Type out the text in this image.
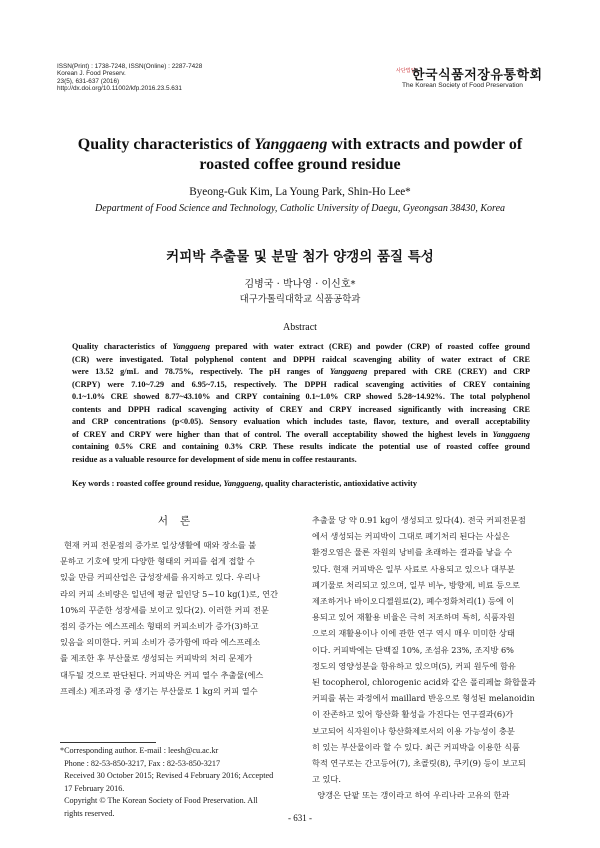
ISSN(Print) : 1738-7248, ISSN(Online) : 2287-7428
Korean J. Food Preserv.
23(5), 631-637 (2016)
http://dx.doi.org/10.11002/kfp.2016.23.5.631
사단법인
한국식품저장유통학회
The Korean Society of Food Preservation
Quality characteristics of Yanggaeng with extracts and powder of
roasted coffee ground residue
Byeong-Guk Kim, La Young Park, Shin-Ho Lee*
Department of Food Science and Technology, Catholic University of Daegu, Gyeongsan 38430, Korea
커피박 추출물 및 분말 첨가 양갱의 품질 특성
김병국 · 박나영 · 이신호*
대구가톨릭대학교 식품공학과
Abstract
Quality characteristics of Yanggaeng prepared with water extract (CRE) and powder (CRP) of roasted coffee ground
(CR) were investigated. Total polyphenol content and DPPH raidcal scavenging ability of water extract of CRE
were 13.52 g/mL and 78.75%, respectively. The pH ranges of Yanggaeng prepared with CRE (CREY) and CRP
(CRPY) were 7.10~7.29 and 6.95~7.15, respectively. The DPPH radical scavenging activities of CREY containing
0.1~1.0% CRE showed 8.77~43.10% and CRPY containing 0.1~1.0% CRP showed 5.28~14.92%. The total polyphenol
contents and DPPH radical scavenging activity of CREY and CRPY increased significantly with increasing CRE
and CRP concentrations (p<0.05). Sensory evaluation which includes taste, flavor, texture, and overall acceptability
of CREY and CRPY were higher than that of control. The overall acceptability showed the highest levels in Yanggaeng
containing 0.5% CRE and containing 0.3% CRP. These results indicate the potential use of roasted coffee ground
residue as a valuable resource for development of side menu in coffee restaurants.
Key words : roasted coffee ground residue, Yanggaeng, quality characteristic, antioxidative activity
서론
현재 커피 전문점의 증가로 일상생활에 때와 장소를 불
문하고 기호에 맞게 다양한 형태의 커피를 쉽게 접할 수
있을 만큼 커피산업은 급성장세를 유지하고 있다. 우리나
라의 커피 소비량은 일년에 평균 일인당 5~10 kg(1)로, 연간
10%의 꾸준한 성장세를 보이고 있다(2). 이러한 커피 전문
점의 증가는 에스프레소 형태의 커피소비가 증가(3)하고
있음을 의미한다. 커피 소비가 증가함에 따라 에스프레소
를 제조한 후 부산물로 생성되는 커피박의 처리 문제가
대두될 것으로 판단된다. 커피박은 커피 열수 추출물(에스
프레소) 제조과정 중 생기는 부산물로 1 kg의 커피 열수
추출물 당 약 0.91 kg이 생성되고 있다(4). 전국 커피전문점
에서 생성되는 커피박이 그대로 폐기처리 된다는 사실은
환경오염은 물론 자원의 낭비를 초래하는 결과를 낳을 수
있다. 현재 커피박은 일부 사료로 사용되고 있으나 대부분
폐기물로 처리되고 있으며, 일부 비누, 방향제, 비료 등으로
제조하거나 바이오디젤원료(2), 폐수정화처리(1) 등에 이
용되고 있어 재활용 비율은 극히 저조하며 특히, 식품자원
으로의 재활용이나 이에 관한 연구 역시 매우 미미한 상태
이다. 커피박에는 단백질 10%, 조섬유 23%, 조지방 6%
정도의 영양성분을 함유하고 있으며(5), 커피 원두에 함유
된 tocopherol, chlorogenic acid와 같은 폴리페놀 화합물과
커피를 볶는 과정에서 maillard 반응으로 형성된 melanoidin
이 잔존하고 있어 항산화 활성을 가진다는 연구결과(6)가
보고되어 식자원이나 항산화제로서의 이용 가능성이 충분
히 있는 부산물이라 할 수 있다. 최근 커피박을 이용한 식품
학적 연구로는 간고등어(7), 초콜릿(8), 쿠키(9) 등이 보고되
고 있다.
양갱은 단팥 또는 갱이라고 하여 우리나라 고유의 한과
*Corresponding author. E-mail : leesh@cu.ac.kr
Phone : 82-53-850-3217, Fax : 82-53-850-3217
Received 30 October 2015; Revised 4 February 2016; Accepted
17 February 2016.
Copyright © The Korean Society of Food Preservation. All
rights reserved.	- 631 -
